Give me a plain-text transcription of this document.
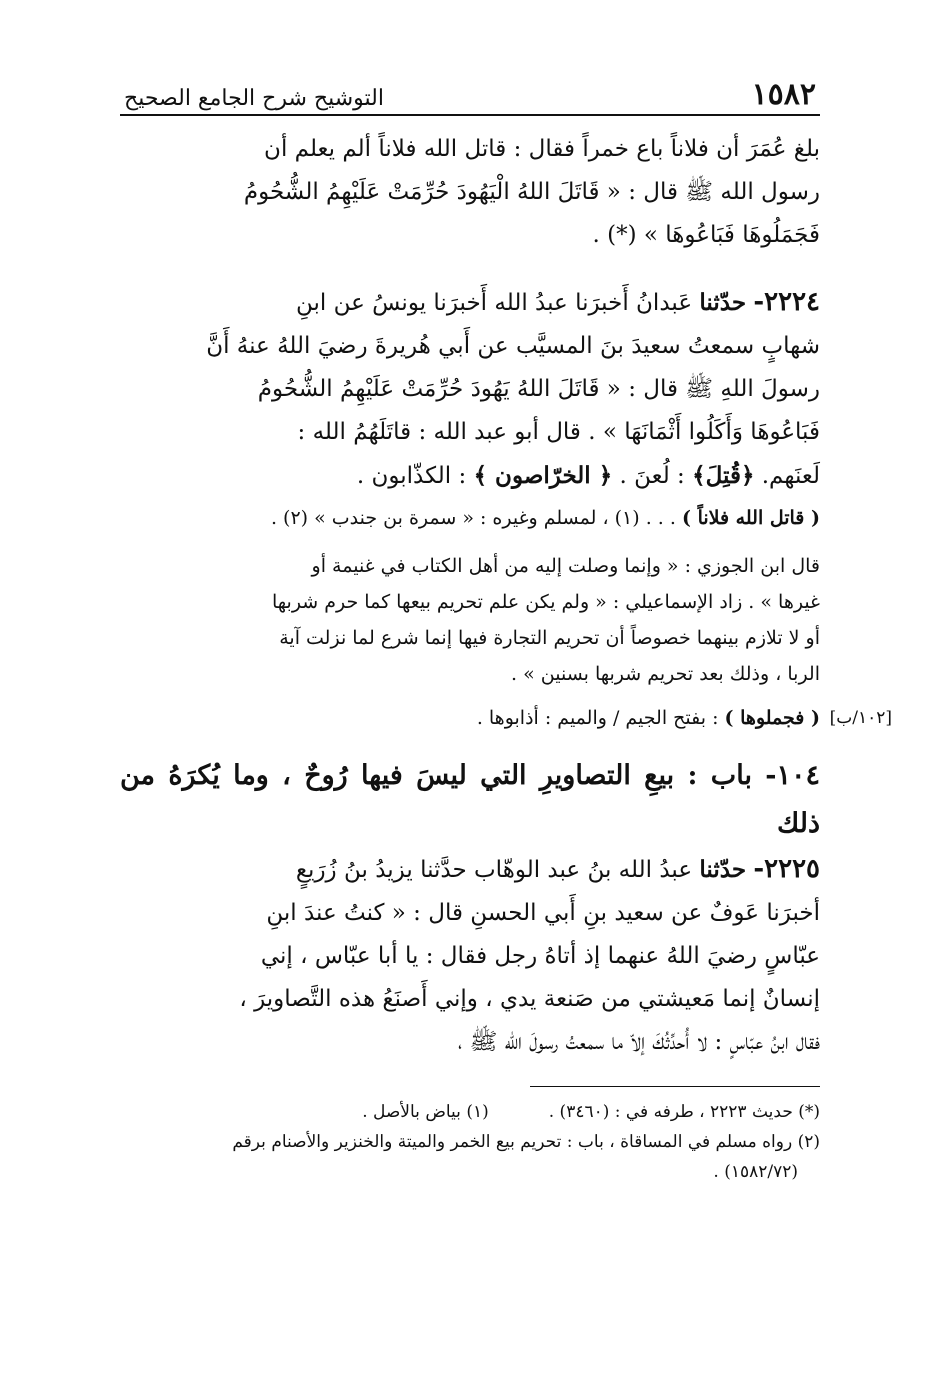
١٥٨٢
التوشيح شرح الجامع الصحيح

بلغ عُمَرَ أن فلاناً باع خمراً فقال : قاتل الله فلاناً ألم يعلم أن

رسول الله ﷺ قال : « قَاتَلَ اللهُ الْيَهُودَ حُرِّمَتْ عَلَيْهِمُ الشُّحُومُ

فَجَمَلُوهَا فَبَاعُوهَا » (*) .

٢٢٢٤- حدّثنا عَبدانُ أَخبرَنا عبدُ الله أَخبرَنا يونسُ عن ابنِ

شهابٍ سمعتُ سعيدَ بنَ المسيَّب عن أَبي هُريرةَ رضيَ اللهُ عنهُ أَنَّ

رسولَ اللهِ ﷺ قال : « قَاتَلَ اللهُ يَهُودَ حُرِّمَتْ عَلَيْهِمُ الشُّحُومُ

فَبَاعُوهَا وَأَكَلُوا أَثْمَانَهَا » . قال أبو عبد الله : قاتَلَهُمُ الله :

لَعنَهم. ﴿قُتِلَ﴾ : لُعنَ . ﴿ الخرّاصون ﴾ : الكذّابون .

( قاتل الله فلاناً ) . . . (١) ، لمسلم وغيره : « سمرة بن جندب » (٢) .

قال ابن الجوزي : « وإنما وصلت إليه من أهل الكتاب في غنيمة أو

غيرها » . زاد الإسماعيلي : « ولم يكن علم تحريم بيعها كما حرم شربها

أو لا تلازم بينهما خصوصاً أن تحريم التجارة فيها إنما شرع لما نزلت آية

الربا ، وذلك بعد تحريم شربها بسنين » .

[١٠٢/ب]
( فجملوها ) : بفتح الجيم / والميم : أذابوها .

١٠٤- باب : بيعِ التصاويرِ التي ليسَ فيها رُوحٌ ، وما يُكرَهُ من ذلك

٢٢٢٥- حدّثنا عبدُ الله بنُ عبد الوهّاب حدَّثنا يزيدُ بنُ زُرَيعٍ

أخبرَنا عَوفٌ عن سعيد بنِ أَبي الحسنِ قال : « كنتُ عندَ ابنِ

عبّاسٍ رضيَ اللهُ عنهما إذ أتاهُ رجل فقال : يا أبا عبّاس ، إني

إنسانٌ إنما مَعيشتي من صَنعة يدي ، وإني أَصنَعُ هذه التَّصاويرَ ،

فقال ابنُ عبّاسٍ : لا أُحدِّثُكَ إلاّ ما سمعتُ رسولَ الله ﷺ ،

(*) حديث ٢٢٢٣ ، طرفه في : (٣٤٦٠) .
(١) بياض بالأصل .

(٢) رواه مسلم في المساقاة ، باب : تحريم بيع الخمر والميتة والخنزير والأصنام برقم

(١٥٨٢/٧٢) .
